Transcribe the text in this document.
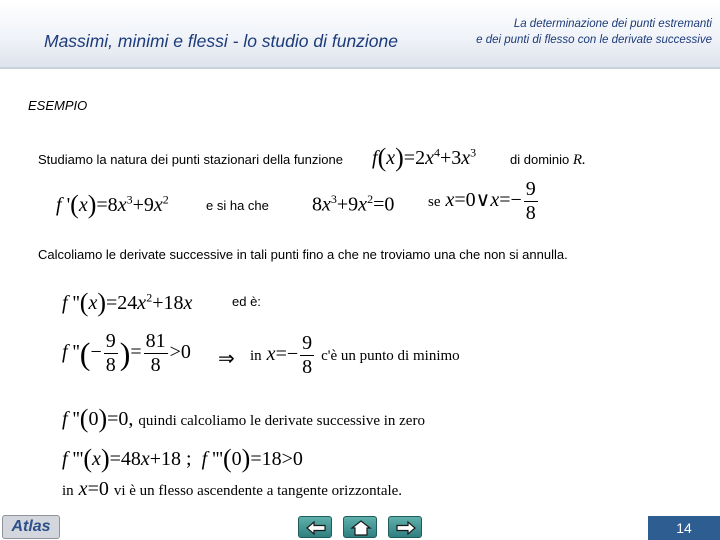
Massimi, minimi e flessi - lo studio di funzione
La determinazione dei punti estremanti
e dei punti di flesso con le derivate successive
ESEMPIO
Studiamo la natura dei punti stazionari della funzione $f(x)=2x^4+3x^3$	di dominio R.
f '$(x)=8x^3+9x^2$	e si ha che $8x^3+9x^2=0$ se x=0∨x=− $\frac{9}{8}$
Calcoliamo le derivate successive in tali punti fino a che ne troviamo una che non si annulla.
f ''$(x)=24x^2+18x$	ed è:
f ''(− $\frac{9}{8}$ )= $\frac{81}{8} >0$ ⇒ in $x=- \frac{9}{8}$ c'è un punto di minimo
f ''(0)=0, quindi calcoliamo le derivate successive in zero
f '''(x)=48x+18 ;  f '''(0)=18>0
in x=0 vi è un flesso ascendente a tangente orizzontale.
Atlas	14
